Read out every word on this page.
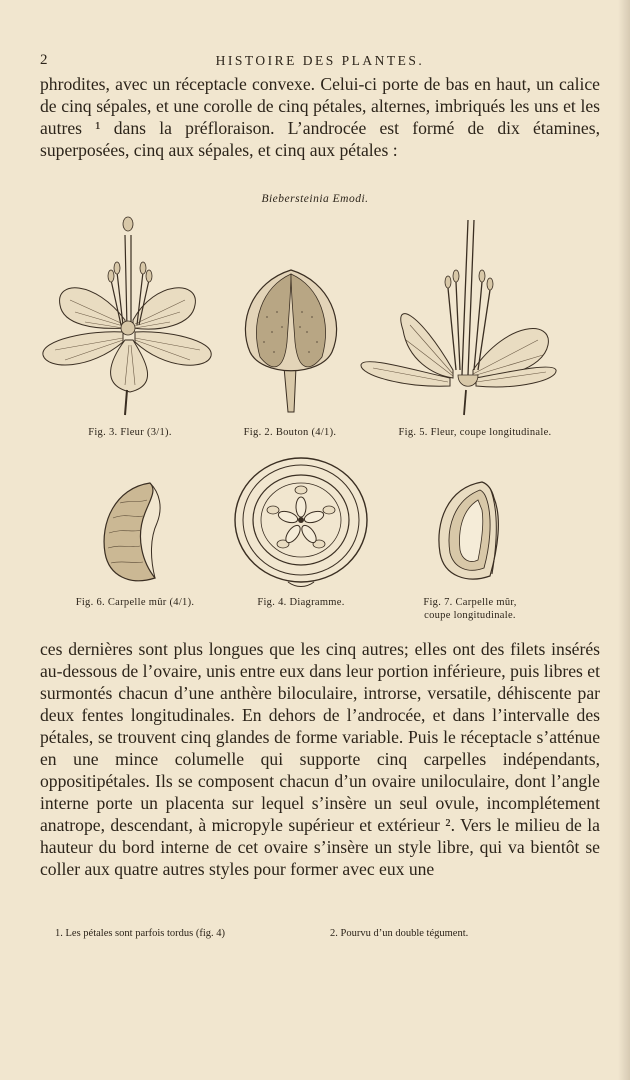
2	HISTOIRE DES PLANTES.

phrodites, avec un réceptacle convexe. Celui-ci porte de bas en haut, un calice de cinq sépales, et une corolle de cinq pétales, alternes, imbriqués les uns et les autres ¹ dans la préfloraison. L’androcée est formé de dix étamines, superposées, cinq aux sépales, et cinq aux pétales :

Biebersteinia Emodi.
Fig. 3. Fleur (3/1).	Fig. 2. Bouton (4/1).	Fig. 5. Fleur, coupe longitudinale.
Fig. 6. Carpelle mûr (4/1).	Fig. 4. Diagramme.	Fig. 7. Carpelle mûr,
coupe longitudinale.

ces dernières sont plus longues que les cinq autres; elles ont des filets insérés au-dessous de l’ovaire, unis entre eux dans leur portion inférieure, puis libres et surmontés chacun d’une anthère biloculaire, introrse, versatile, déhiscente par deux fentes longitudinales. En dehors de l’androcée, et dans l’intervalle des pétales, se trouvent cinq glandes de forme variable. Puis le réceptacle s’atténue en une mince columelle qui supporte cinq carpelles indépendants, oppositipétales. Ils se composent chacun d’un ovaire uniloculaire, dont l’angle interne porte un placenta sur lequel s’insère un seul ovule, incomplétement anatrope, descendant, à micropyle supérieur et extérieur ². Vers le milieu de la hauteur du bord interne de cet ovaire s’insère un style libre, qui va bientôt se coller aux quatre autres styles pour former avec eux une

1. Les pétales sont parfois tordus (fig. 4)	2. Pourvu d’un double tégument.
